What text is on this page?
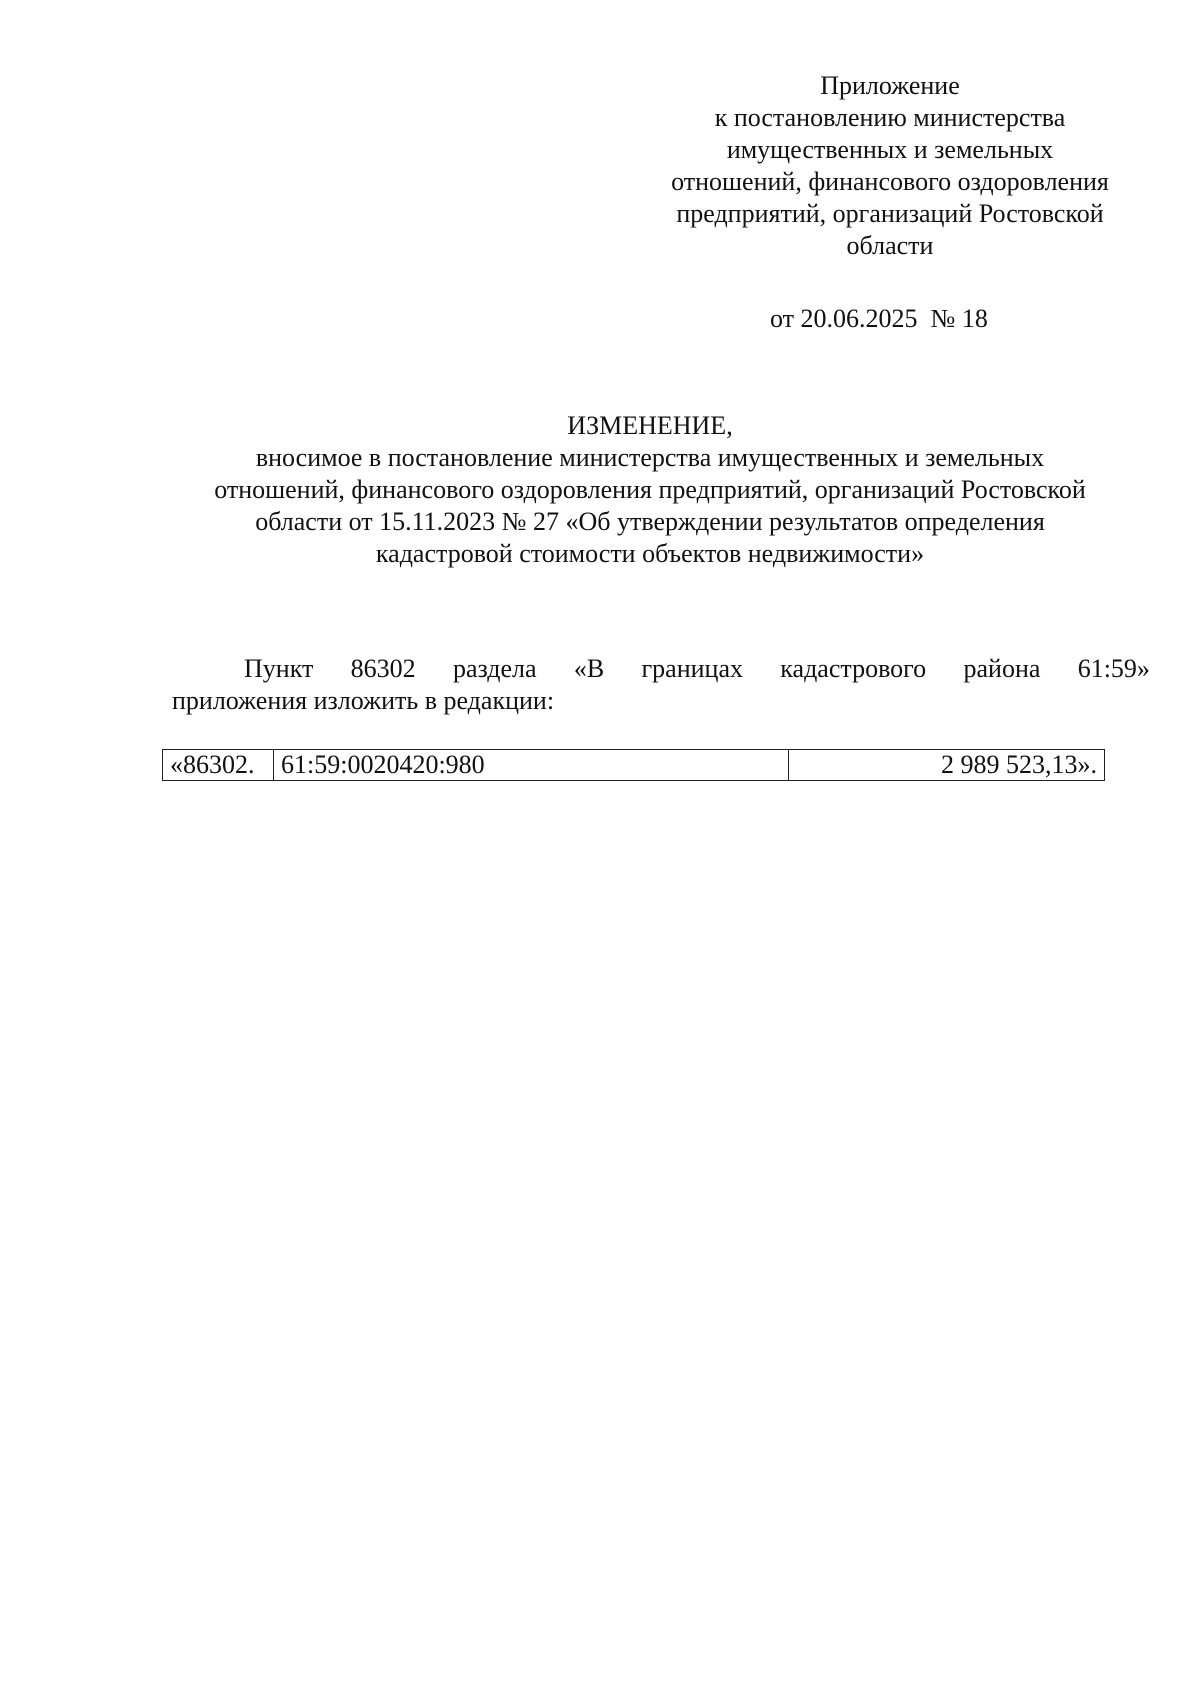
Приложение
к постановлению министерства
имущественных и земельных
отношений, финансового оздоровления
предприятий, организаций Ростовской
области
от 20.06.2025  № 18
ИЗМЕНЕНИЕ,
вносимое в постановление министерства имущественных и земельных
отношений, финансового оздоровления предприятий, организаций Ростовской
области от 15.11.2023 № 27 «Об утверждении результатов определения
кадастровой стоимости объектов недвижимости»
Пункт 86302 раздела «В границах кадастрового района 61:59»
приложения изложить в редакции:
«86302.	61:59:0020420:980	2 989 523,13».
